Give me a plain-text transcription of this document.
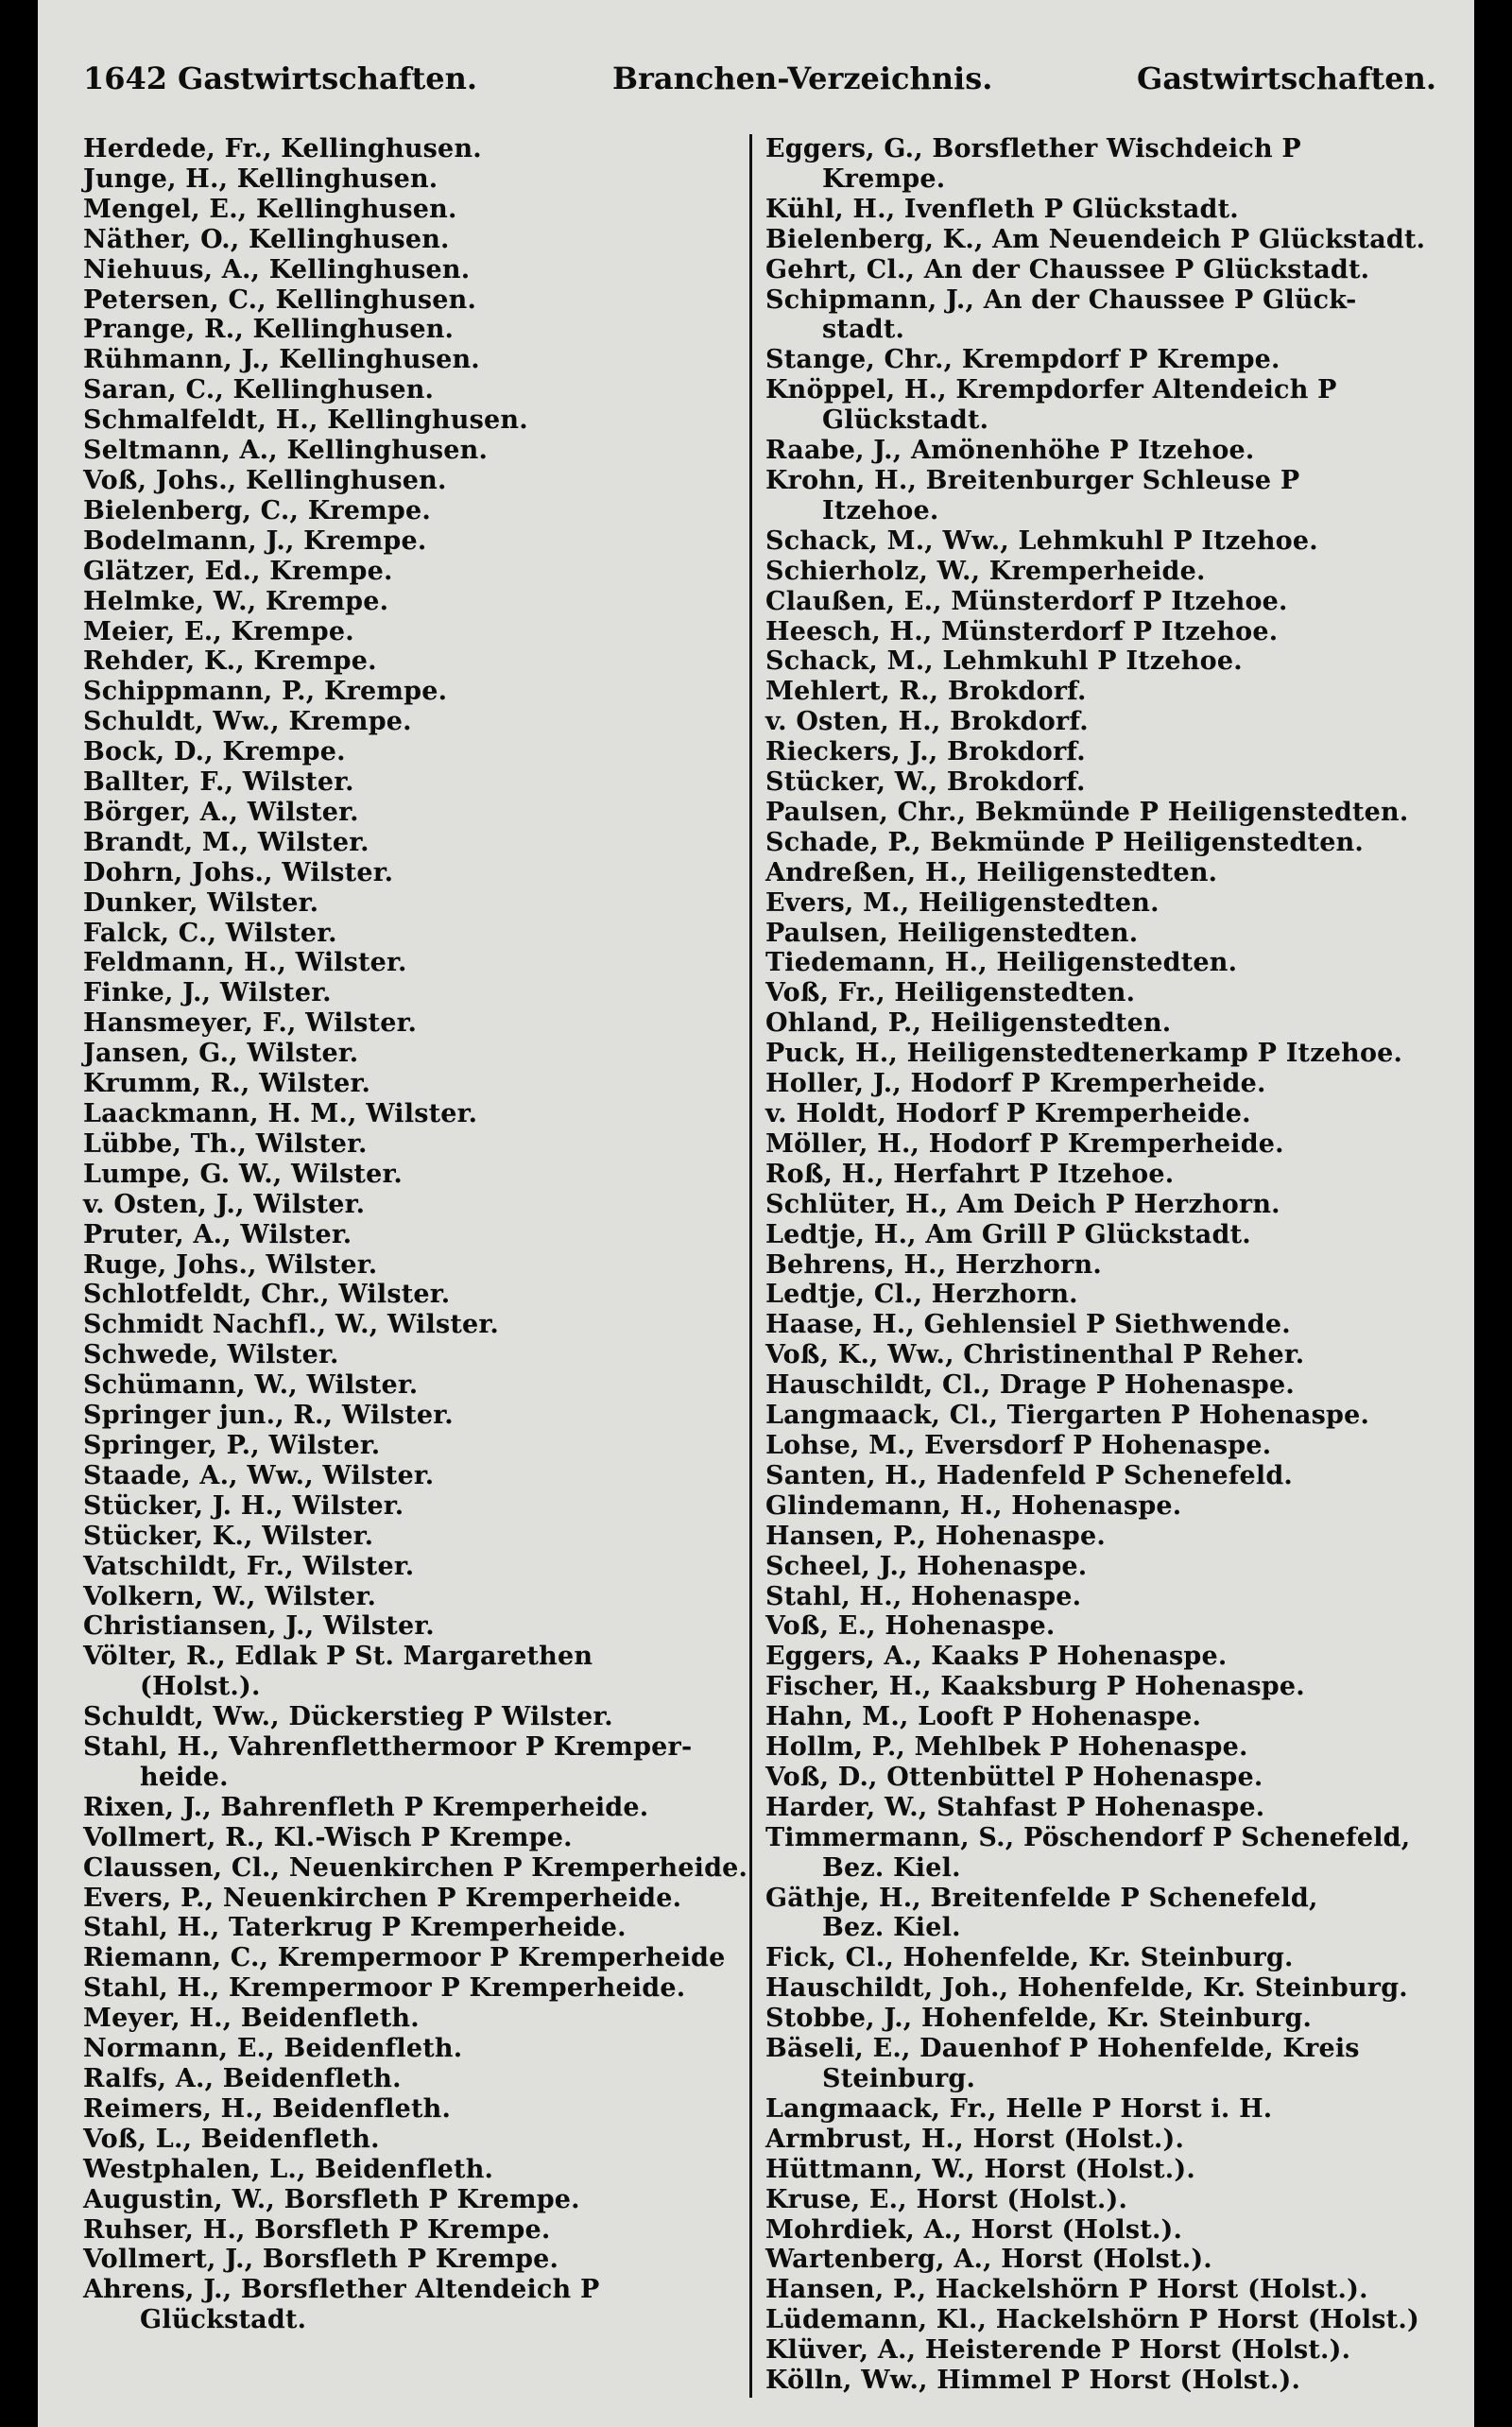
1642 Gastwirtschaften.	Branchen-Verzeichnis.	Gastwirtschaften.
Herdede, Fr., Kellinghusen.
Junge, H., Kellinghusen.
Mengel, E., Kellinghusen.
Näther, O., Kellinghusen.
Niehuus, A., Kellinghusen.
Petersen, C., Kellinghusen.
Prange, R., Kellinghusen.
Rühmann, J., Kellinghusen.
Saran, C., Kellinghusen.
Schmalfeldt, H., Kellinghusen.
Seltmann, A., Kellinghusen.
Voß, Johs., Kellinghusen.
Bielenberg, C., Krempe.
Bodelmann, J., Krempe.
Glätzer, Ed., Krempe.
Helmke, W., Krempe.
Meier, E., Krempe.
Rehder, K., Krempe.
Schippmann, P., Krempe.
Schuldt, Ww., Krempe.
Bock, D., Krempe.
Ballter, F., Wilster.
Börger, A., Wilster.
Brandt, M., Wilster.
Dohrn, Johs., Wilster.
Dunker, Wilster.
Falck, C., Wilster.
Feldmann, H., Wilster.
Finke, J., Wilster.
Hansmeyer, F., Wilster.
Jansen, G., Wilster.
Krumm, R., Wilster.
Laackmann, H. M., Wilster.
Lübbe, Th., Wilster.
Lumpe, G. W., Wilster.
v. Osten, J., Wilster.
Pruter, A., Wilster.
Ruge, Johs., Wilster.
Schlotfeldt, Chr., Wilster.
Schmidt Nachfl., W., Wilster.
Schwede, Wilster.
Schümann, W., Wilster.
Springer jun., R., Wilster.
Springer, P., Wilster.
Staade, A., Ww., Wilster.
Stücker, J. H., Wilster.
Stücker, K., Wilster.
Vatschildt, Fr., Wilster.
Volkern, W., Wilster.
Christiansen, J., Wilster.
Völter, R., Edlak P St. Margarethen
(Holst.).
Schuldt, Ww., Dückerstieg P Wilster.
Stahl, H., Vahrenfletthermoor P Kremper-
heide.
Rixen, J., Bahrenfleth P Kremperheide.
Vollmert, R., Kl.-Wisch P Krempe.
Claussen, Cl., Neuenkirchen P Kremperheide.
Evers, P., Neuenkirchen P Kremperheide.
Stahl, H., Taterkrug P Kremperheide.
Riemann, C., Krempermoor P Kremperheide
Stahl, H., Krempermoor P Kremperheide.
Meyer, H., Beidenfleth.
Normann, E., Beidenfleth.
Ralfs, A., Beidenfleth.
Reimers, H., Beidenfleth.
Voß, L., Beidenfleth.
Westphalen, L., Beidenfleth.
Augustin, W., Borsfleth P Krempe.
Ruhser, H., Borsfleth P Krempe.
Vollmert, J., Borsfleth P Krempe.
Ahrens, J., Borsflether Altendeich P
Glückstadt.
Eggers, G., Borsflether Wischdeich P
Krempe.
Kühl, H., Ivenfleth P Glückstadt.
Bielenberg, K., Am Neuendeich P Glückstadt.
Gehrt, Cl., An der Chaussee P Glückstadt.
Schipmann, J., An der Chaussee P Glück-
stadt.
Stange, Chr., Krempdorf P Krempe.
Knöppel, H., Krempdorfer Altendeich P
Glückstadt.
Raabe, J., Amönenhöhe P Itzehoe.
Krohn, H., Breitenburger Schleuse P
Itzehoe.
Schack, M., Ww., Lehmkuhl P Itzehoe.
Schierholz, W., Kremperheide.
Claußen, E., Münsterdorf P Itzehoe.
Heesch, H., Münsterdorf P Itzehoe.
Schack, M., Lehmkuhl P Itzehoe.
Mehlert, R., Brokdorf.
v. Osten, H., Brokdorf.
Rieckers, J., Brokdorf.
Stücker, W., Brokdorf.
Paulsen, Chr., Bekmünde P Heiligenstedten.
Schade, P., Bekmünde P Heiligenstedten.
Andreßen, H., Heiligenstedten.
Evers, M., Heiligenstedten.
Paulsen, Heiligenstedten.
Tiedemann, H., Heiligenstedten.
Voß, Fr., Heiligenstedten.
Ohland, P., Heiligenstedten.
Puck, H., Heiligenstedtenerkamp P Itzehoe.
Holler, J., Hodorf P Kremperheide.
v. Holdt, Hodorf P Kremperheide.
Möller, H., Hodorf P Kremperheide.
Roß, H., Herfahrt P Itzehoe.
Schlüter, H., Am Deich P Herzhorn.
Ledtje, H., Am Grill P Glückstadt.
Behrens, H., Herzhorn.
Ledtje, Cl., Herzhorn.
Haase, H., Gehlensiel P Siethwende.
Voß, K., Ww., Christinenthal P Reher.
Hauschildt, Cl., Drage P Hohenaspe.
Langmaack, Cl., Tiergarten P Hohenaspe.
Lohse, M., Eversdorf P Hohenaspe.
Santen, H., Hadenfeld P Schenefeld.
Glindemann, H., Hohenaspe.
Hansen, P., Hohenaspe.
Scheel, J., Hohenaspe.
Stahl, H., Hohenaspe.
Voß, E., Hohenaspe.
Eggers, A., Kaaks P Hohenaspe.
Fischer, H., Kaaksburg P Hohenaspe.
Hahn, M., Looft P Hohenaspe.
Hollm, P., Mehlbek P Hohenaspe.
Voß, D., Ottenbüttel P Hohenaspe.
Harder, W., Stahfast P Hohenaspe.
Timmermann, S., Pöschendorf P Schenefeld,
Bez. Kiel.
Gäthje, H., Breitenfelde P Schenefeld,
Bez. Kiel.
Fick, Cl., Hohenfelde, Kr. Steinburg.
Hauschildt, Joh., Hohenfelde, Kr. Steinburg.
Stobbe, J., Hohenfelde, Kr. Steinburg.
Bäseli, E., Dauenhof P Hohenfelde, Kreis
Steinburg.
Langmaack, Fr., Helle P Horst i. H.
Armbrust, H., Horst (Holst.).
Hüttmann, W., Horst (Holst.).
Kruse, E., Horst (Holst.).
Mohrdiek, A., Horst (Holst.).
Wartenberg, A., Horst (Holst.).
Hansen, P., Hackelshörn P Horst (Holst.).
Lüdemann, Kl., Hackelshörn P Horst (Holst.)
Klüver, A., Heisterende P Horst (Holst.).
Kölln, Ww., Himmel P Horst (Holst.).
